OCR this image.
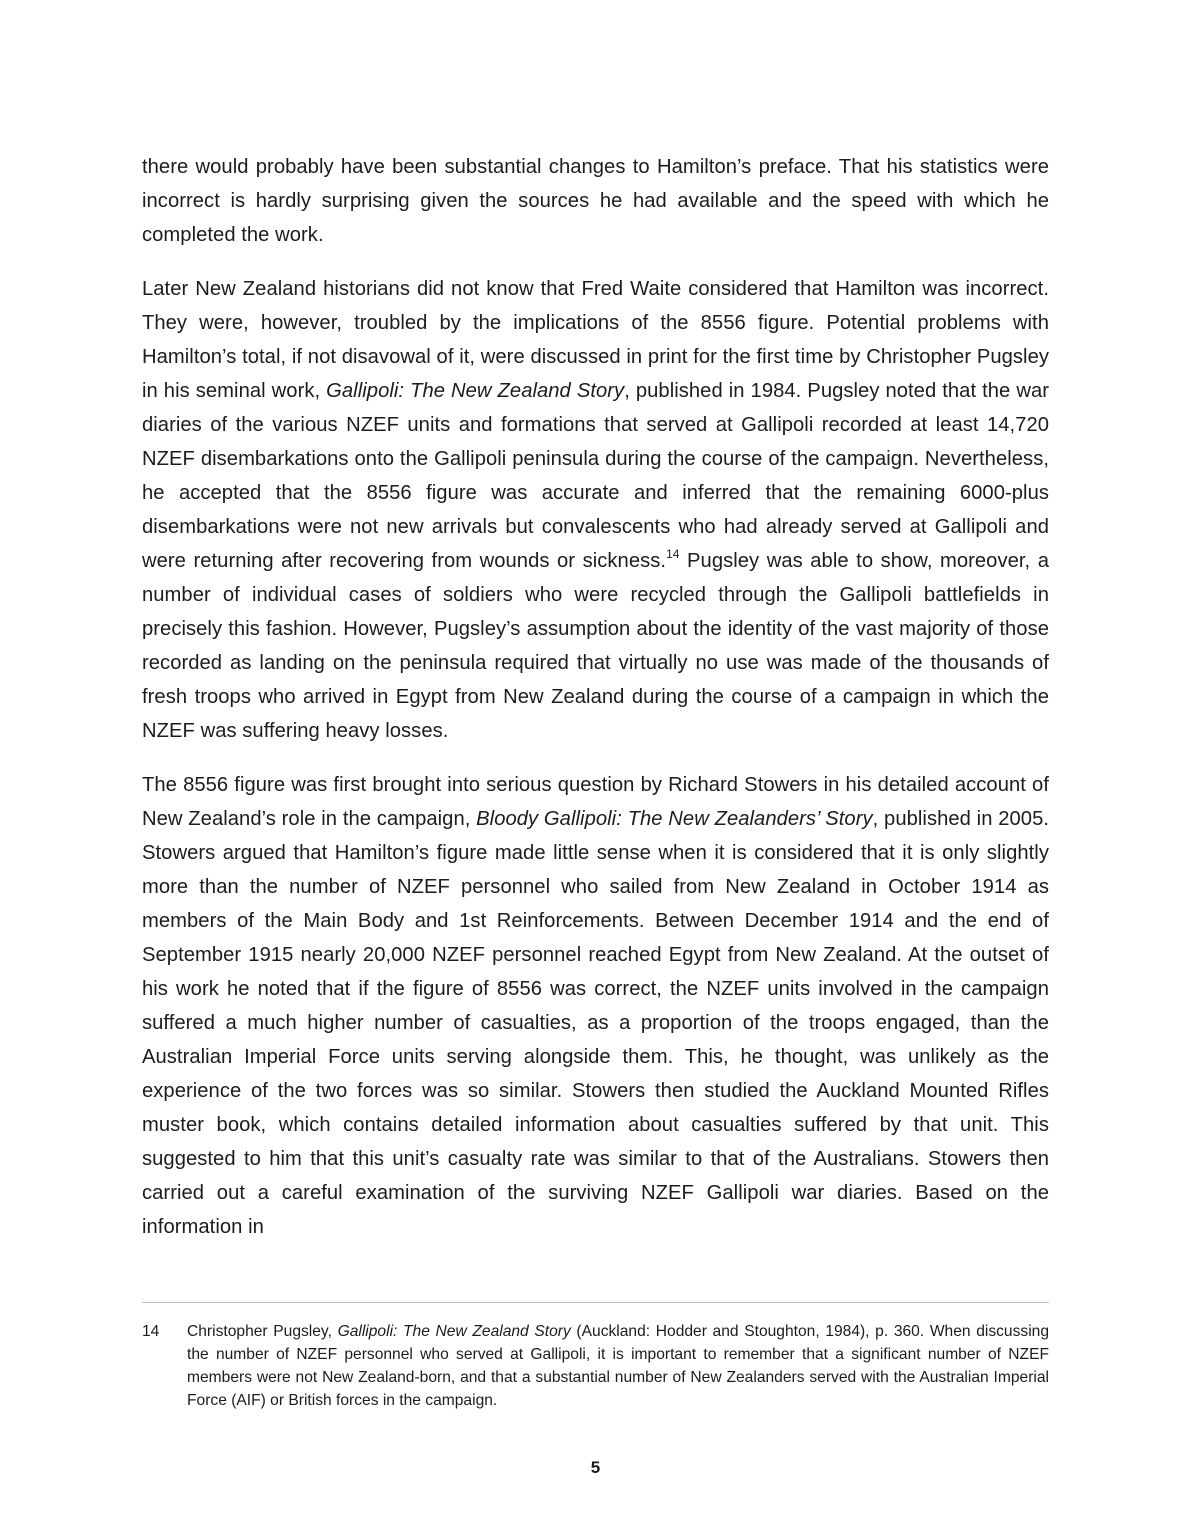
there would probably have been substantial changes to Hamilton’s preface. That his statistics were incorrect is hardly surprising given the sources he had available and the speed with which he completed the work.

Later New Zealand historians did not know that Fred Waite considered that Hamilton was incorrect. They were, however, troubled by the implications of the 8556 figure. Potential problems with Hamilton’s total, if not disavowal of it, were discussed in print for the first time by Christopher Pugsley in his seminal work, Gallipoli: The New Zealand Story, published in 1984. Pugsley noted that the war diaries of the various NZEF units and formations that served at Gallipoli recorded at least 14,720 NZEF disembarkations onto the Gallipoli peninsula during the course of the campaign. Nevertheless, he accepted that the 8556 figure was accurate and inferred that the remaining 6000-plus disembarkations were not new arrivals but convalescents who had already served at Gallipoli and were returning after recovering from wounds or sickness.$^{14}$ Pugsley was able to show, moreover, a number of individual cases of soldiers who were recycled through the Gallipoli battlefields in precisely this fashion. However, Pugsley’s assumption about the identity of the vast majority of those recorded as landing on the peninsula required that virtually no use was made of the thousands of fresh troops who arrived in Egypt from New Zealand during the course of a campaign in which the NZEF was suffering heavy losses.

The 8556 figure was first brought into serious question by Richard Stowers in his detailed account of New Zealand’s role in the campaign, Bloody Gallipoli: The New Zealanders’ Story, published in 2005. Stowers argued that Hamilton’s figure made little sense when it is considered that it is only slightly more than the number of NZEF personnel who sailed from New Zealand in October 1914 as members of the Main Body and 1st Reinforcements. Between December 1914 and the end of September 1915 nearly 20,000 NZEF personnel reached Egypt from New Zealand. At the outset of his work he noted that if the figure of 8556 was correct, the NZEF units involved in the campaign suffered a much higher number of casualties, as a proportion of the troops engaged, than the Australian Imperial Force units serving alongside them. This, he thought, was unlikely as the experience of the two forces was so similar. Stowers then studied the Auckland Mounted Rifles muster book, which contains detailed information about casualties suffered by that unit. This suggested to him that this unit’s casualty rate was similar to that of the Australians. Stowers then carried out a careful examination of the surviving NZEF Gallipoli war diaries. Based on the information in

14	Christopher Pugsley, Gallipoli: The New Zealand Story (Auckland: Hodder and Stoughton, 1984), p. 360. When discussing the number of NZEF personnel who served at Gallipoli, it is important to remember that a significant number of NZEF members were not New Zealand-born, and that a substantial number of New Zealanders served with the Australian Imperial Force (AIF) or British forces in the campaign.
5
